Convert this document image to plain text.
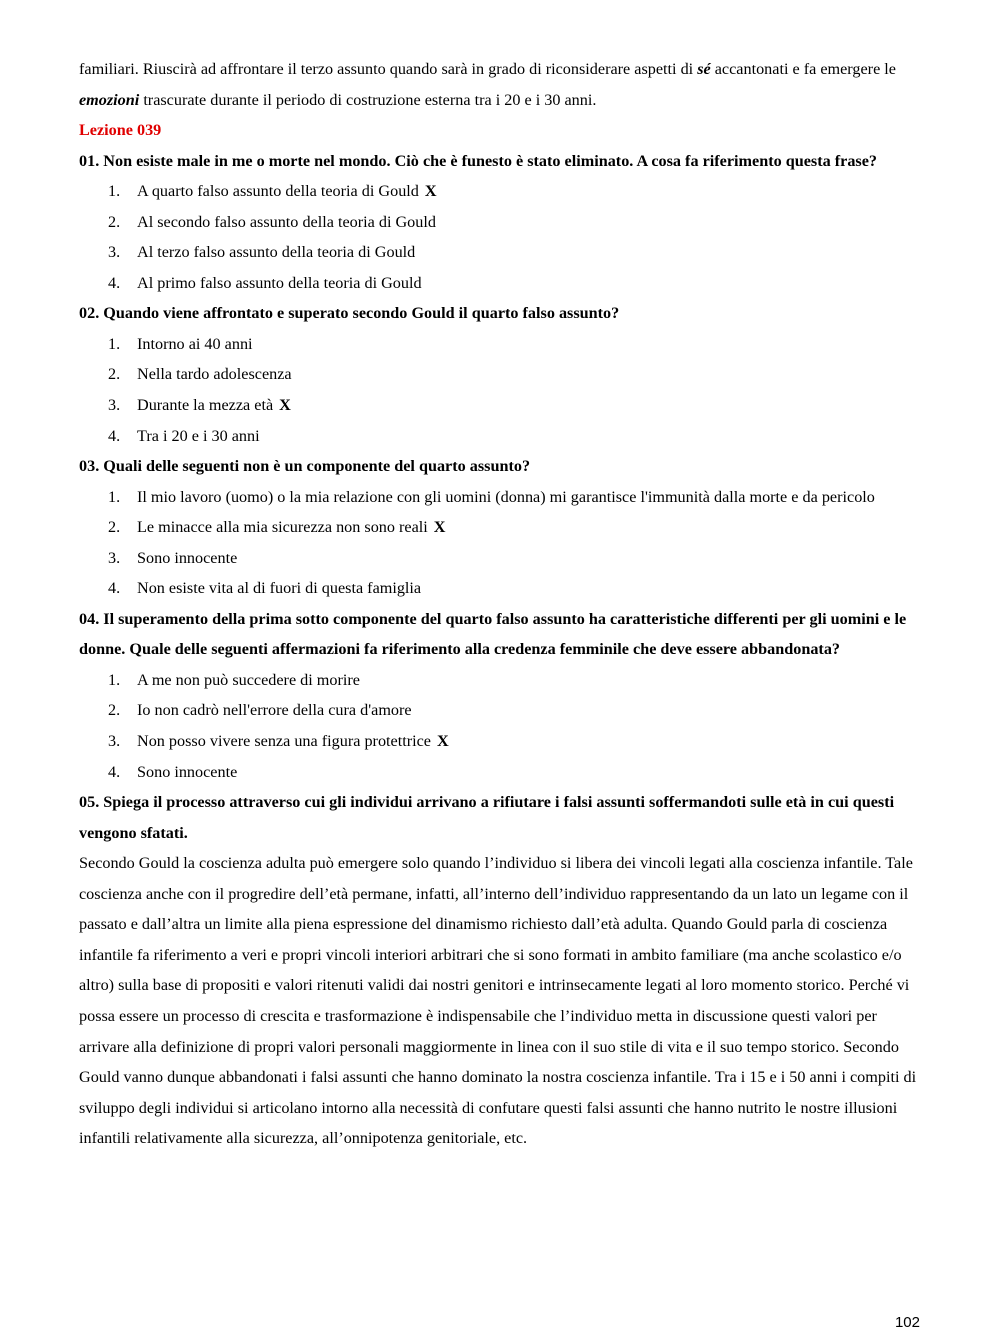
familiari. Riuscirà ad affrontare il terzo assunto quando sarà in grado di riconsiderare aspetti di sé accantonati e fa emergere le emozioni trascurate durante il periodo di costruzione esterna tra i 20 e i 30 anni.

Lezione 039

01. Non esiste male in me o morte nel mondo. Ciò che è funesto è stato eliminato. A cosa fa riferimento questa frase?

1. A quarto falso assunto della teoria di Gould X
2. Al secondo falso assunto della teoria di Gould
3. Al terzo falso assunto della teoria di Gould
4. Al primo falso assunto della teoria di Gould

02. Quando viene affrontato e superato secondo Gould il quarto falso assunto?

1. Intorno ai 40 anni
2. Nella tardo adolescenza
3. Durante la mezza età X
4. Tra i 20 e i 30 anni

03. Quali delle seguenti non è un componente del quarto assunto?

1. Il mio lavoro (uomo) o la mia relazione con gli uomini (donna) mi garantisce l'immunità dalla morte e da pericolo
2. Le minacce alla mia sicurezza non sono reali X
3. Sono innocente
4. Non esiste vita al di fuori di questa famiglia

04. Il superamento della prima sotto componente del quarto falso assunto ha caratteristiche differenti per gli uomini e le donne. Quale delle seguenti affermazioni fa riferimento alla credenza femminile che deve essere abbandonata?

1. A me non può succedere di morire
2. Io non cadrò nell'errore della cura d'amore
3. Non posso vivere senza una figura protettrice X
4. Sono innocente

05. Spiega il processo attraverso cui gli individui arrivano a rifiutare i falsi assunti soffermandoti sulle età in cui questi vengono sfatati.

Secondo Gould la coscienza adulta può emergere solo quando l’individuo si libera dei vincoli legati alla coscienza infantile. Tale coscienza anche con il progredire dell’età permane, infatti, all’interno dell’individuo rappresentando da un lato un legame con il passato e dall’altra un limite alla piena espressione del dinamismo richiesto dall’età adulta. Quando Gould parla di coscienza infantile fa riferimento a veri e propri vincoli interiori arbitrari che si sono formati in ambito familiare (ma anche scolastico e/o altro) sulla base di propositi e valori ritenuti validi dai nostri genitori e intrinsecamente legati al loro momento storico. Perché vi possa essere un processo di crescita e trasformazione è indispensabile che l’individuo metta in discussione questi valori per arrivare alla definizione di propri valori personali maggiormente in linea con il suo stile di vita e il suo tempo storico. Secondo Gould vanno dunque abbandonati i falsi assunti che hanno dominato la nostra coscienza infantile. Tra i 15 e i 50 anni i compiti di sviluppo degli individui si articolano intorno alla necessità di confutare questi falsi assunti che hanno nutrito le nostre illusioni infantili relativamente alla sicurezza, all’onnipotenza genitoriale, etc.

102
